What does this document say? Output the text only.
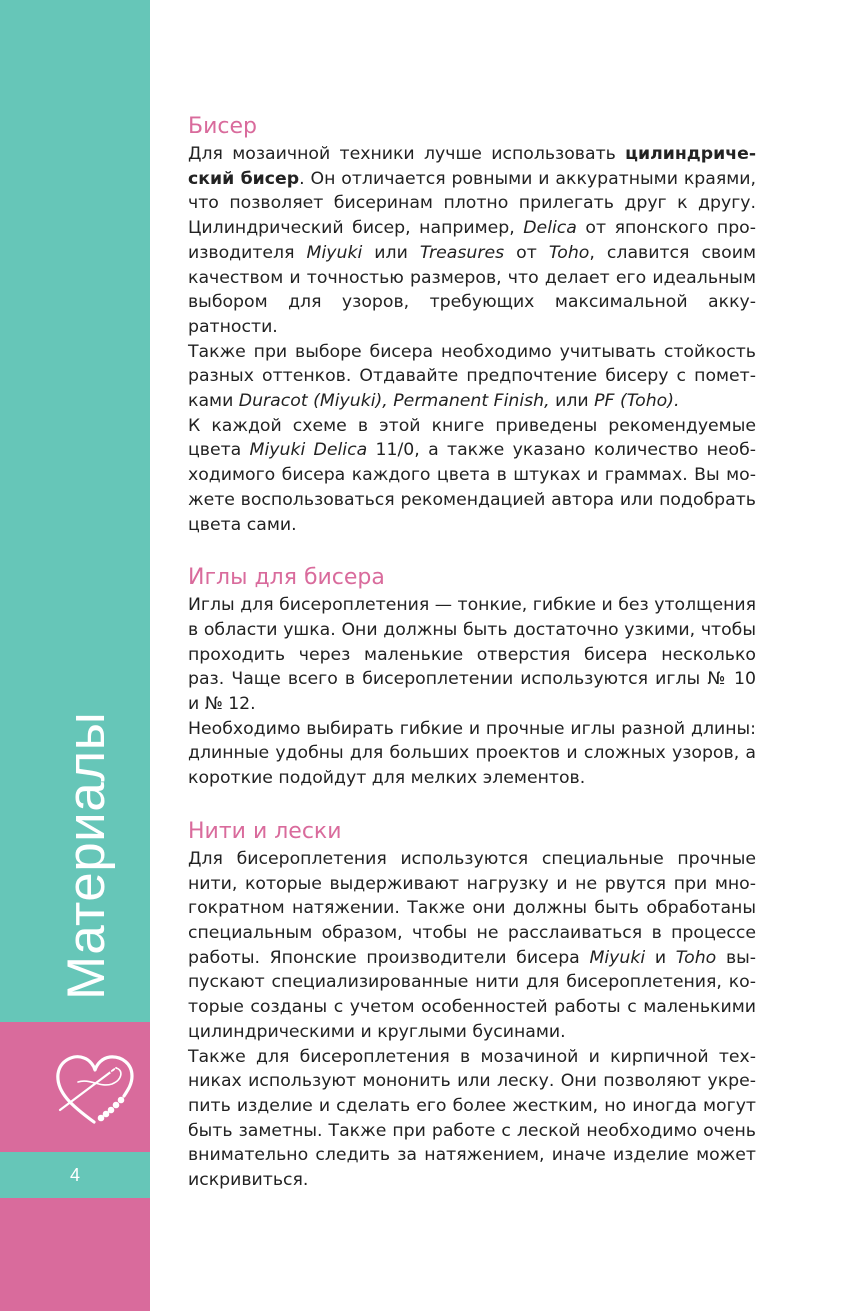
Материалы
4
Бисер

Для мозаичной техники лучше использовать цилиндрический бисер. Он отличается ровными и аккуратными краями, что позволяет бисеринам плотно прилегать друг к другу. Цилиндрический бисер, например, Delica от японского производителя Miyuki или Treasures от Toho, славится своим качеством и точностью размеров, что делает его идеальным выбором для узоров, требующих максимальной аккуратности.

Также при выборе бисера необходимо учитывать стойкость разных оттенков. Отдавайте предпочтение бисеру с пометками Duracot (Miyuki), Permanent Finish, или PF (Toho).

К каждой схеме в этой книге приведены рекомендуемые цвета Miyuki Delica 11/0, а также указано количество необходимого бисера каждого цвета в штуках и граммах. Вы можете воспользоваться рекомендацией автора или подобрать цвета сами.

Иглы для бисера

Иглы для бисероплетения — тонкие, гибкие и без утолщения в области ушка. Они должны быть достаточно узкими, чтобы проходить через маленькие отверстия бисера несколько раз. Чаще всего в бисероплетении используются иглы № 10 и № 12.

Необходимо выбирать гибкие и прочные иглы разной длины: длинные удобны для больших проектов и сложных узоров, а короткие подойдут для мелких элементов.

Нити и лески

Для бисероплетения используются специальные прочные нити, которые выдерживают нагрузку и не рвутся при многократном натяжении. Также они должны быть обработаны специальным образом, чтобы не расслаиваться в процессе работы. Японские производители бисера Miyuki и Toho выпускают специализированные нити для бисероплетения, которые созданы с учетом особенностей работы с маленькими цилиндрическими и круглыми бусинами.

Также для бисероплетения в мозачиной и кирпичной техниках используют мононить или леску. Они позволяют укрепить изделие и сделать его более жестким, но иногда могут быть заметны. Также при работе с леской необходимо очень внимательно следить за натяжением, иначе изделие может искривиться.
